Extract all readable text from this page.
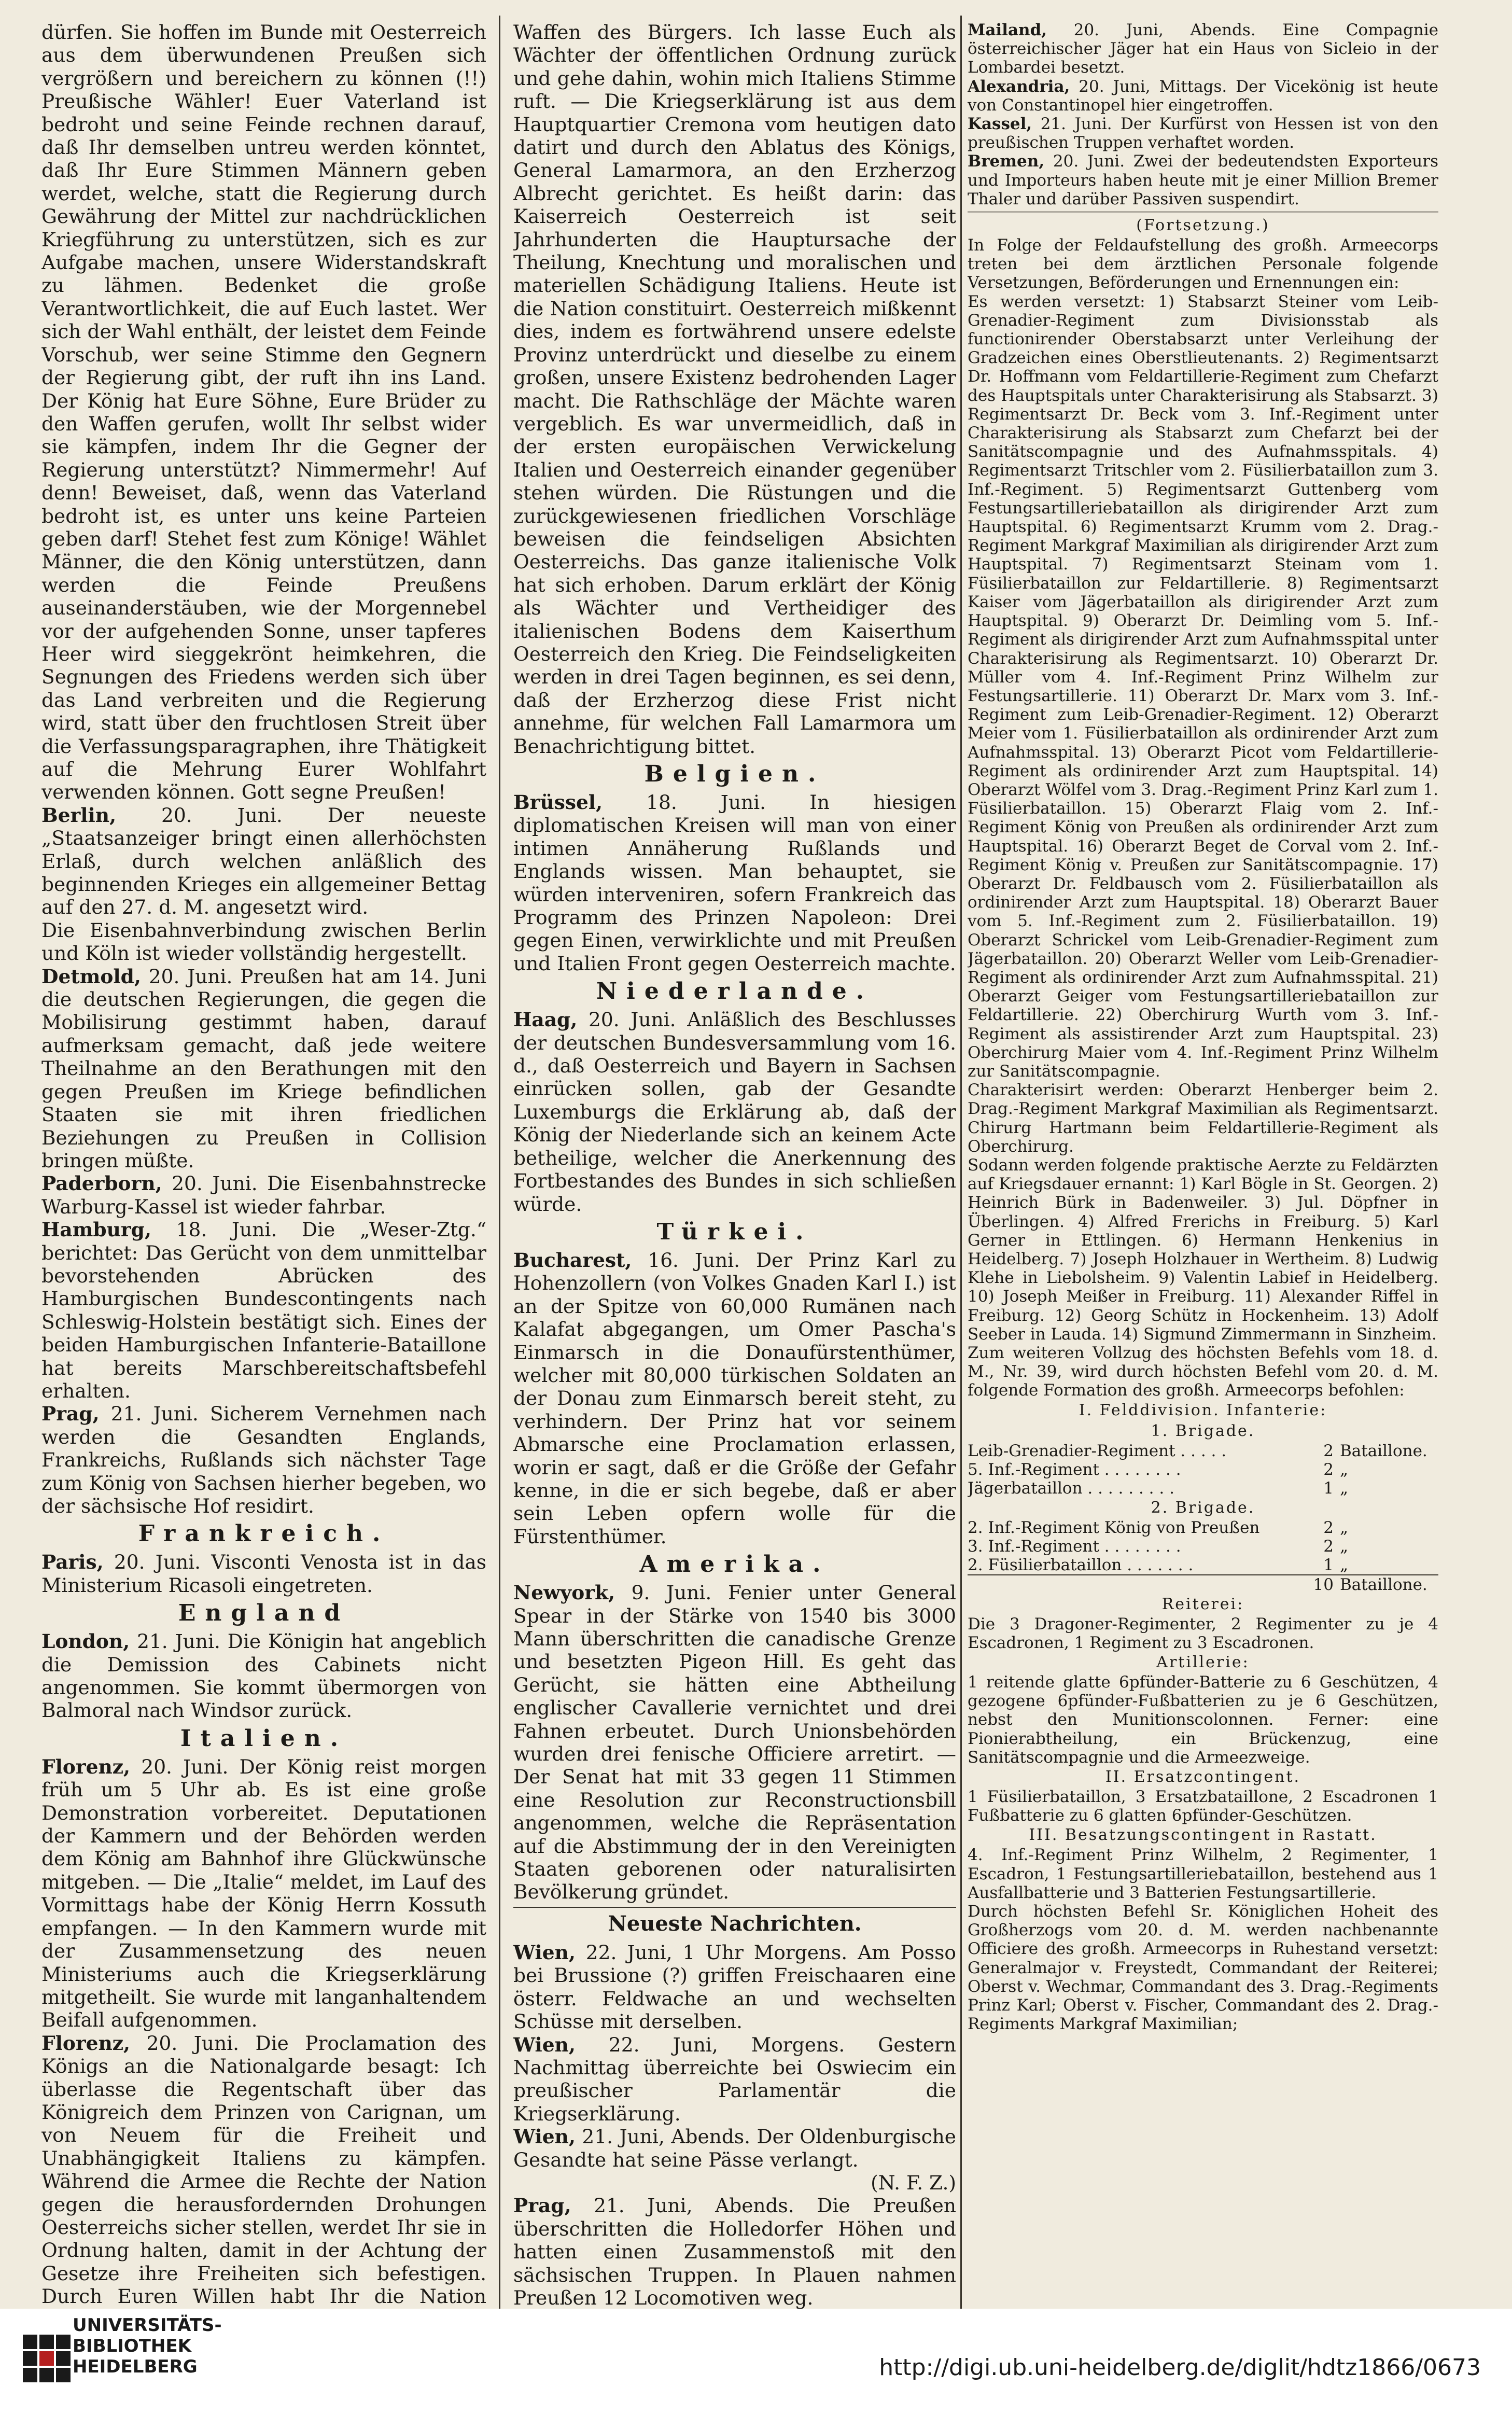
dürfen. Sie hoffen im Bunde mit Oesterreich aus dem überwundenen Preußen sich vergrößern und bereichern zu können (!!) Preußische Wähler! Euer Vaterland ist bedroht und seine Feinde rechnen darauf, daß Ihr demselben untreu werden könntet, daß Ihr Eure Stimmen Männern geben werdet, welche, statt die Regierung durch Gewährung der Mittel zur nachdrücklichen Kriegführung zu unterstützen, sich es zur Aufgabe machen, unsere Widerstandskraft zu lähmen. Bedenket die große Verantwortlichkeit, die auf Euch lastet. Wer sich der Wahl enthält, der leistet dem Feinde Vorschub, wer seine Stimme den Gegnern der Regierung gibt, der ruft ihn ins Land. Der König hat Eure Söhne, Eure Brüder zu den Waffen gerufen, wollt Ihr selbst wider sie kämpfen, indem Ihr die Gegner der Regierung unterstützt? Nimmermehr! Auf denn! Beweiset, daß, wenn das Vaterland bedroht ist, es unter uns keine Parteien geben darf! Stehet fest zum Könige! Wählet Männer, die den König unterstützen, dann werden die Feinde Preußens auseinanderstäuben, wie der Morgennebel vor der aufgehenden Sonne, unser tapferes Heer wird sieggekrönt heimkehren, die Segnungen des Friedens werden sich über das Land verbreiten und die Regierung wird, statt über den fruchtlosen Streit über die Verfassungsparagraphen, ihre Thätigkeit auf die Mehrung Eurer Wohlfahrt verwenden können. Gott segne Preußen!

Berlin, 20. Juni. Der neueste „Staatsanzeiger bringt einen allerhöchsten Erlaß, durch welchen anläßlich des beginnenden Krieges ein allgemeiner Bettag auf den 27. d. M. angesetzt wird.

Die Eisenbahnverbindung zwischen Berlin und Köln ist wieder vollständig hergestellt.

Detmold, 20. Juni. Preußen hat am 14. Juni die deutschen Regierungen, die gegen die Mobilisirung gestimmt haben, darauf aufmerksam gemacht, daß jede weitere Theilnahme an den Berathungen mit den gegen Preußen im Kriege befindlichen Staaten sie mit ihren friedlichen Beziehungen zu Preußen in Collision bringen müßte.

Paderborn, 20. Juni. Die Eisenbahnstrecke Warburg-Kassel ist wieder fahrbar.

Hamburg, 18. Juni. Die „Weser-Ztg.“ berichtet: Das Gerücht von dem unmittelbar bevorstehenden Abrücken des Hamburgischen Bundescontingents nach Schleswig-Holstein bestätigt sich. Eines der beiden Hamburgischen Infanterie-Bataillone hat bereits Marschbereitschaftsbefehl erhalten.

Prag, 21. Juni. Sicherem Vernehmen nach werden die Gesandten Englands, Frankreichs, Rußlands sich nächster Tage zum König von Sachsen hierher begeben, wo der sächsische Hof residirt.

Frankreich.

Paris, 20. Juni. Visconti Venosta ist in das Ministerium Ricasoli eingetreten.

England

London, 21. Juni. Die Königin hat angeblich die Demission des Cabinets nicht angenommen. Sie kommt übermorgen von Balmoral nach Windsor zurück.

Italien.

Florenz, 20. Juni. Der König reist morgen früh um 5 Uhr ab. Es ist eine große Demonstration vorbereitet. Deputationen der Kammern und der Behörden werden dem König am Bahnhof ihre Glückwünsche mitgeben. — Die „Italie“ meldet, im Lauf des Vormittags habe der König Herrn Kossuth empfangen. — In den Kammern wurde mit der Zusammensetzung des neuen Ministeriums auch die Kriegserklärung mitgetheilt. Sie wurde mit langanhaltendem Beifall aufgenommen.

Florenz, 20. Juni. Die Proclamation des Königs an die Nationalgarde besagt: Ich überlasse die Regentschaft über das Königreich dem Prinzen von Carignan, um von Neuem für die Freiheit und Unabhängigkeit Italiens zu kämpfen. Während die Armee die Rechte der Nation gegen die herausfordernden Drohungen Oesterreichs sicher stellen, werdet Ihr sie in Ordnung halten, damit in der Achtung der Gesetze ihre Freiheiten sich befestigen. Durch Euren Willen habt Ihr die Nation

Waffen des Bürgers. Ich lasse Euch als Wächter der öffentlichen Ordnung zurück und gehe dahin, wohin mich Italiens Stimme ruft. — Die Kriegserklärung ist aus dem Hauptquartier Cremona vom heutigen dato datirt und durch den Ablatus des Königs, General Lamarmora, an den Erzherzog Albrecht gerichtet. Es heißt darin: das Kaiserreich Oesterreich ist seit Jahrhunderten die Hauptursache der Theilung, Knechtung und moralischen und materiellen Schädigung Italiens. Heute ist die Nation constituirt. Oesterreich mißkennt dies, indem es fortwährend unsere edelste Provinz unterdrückt und dieselbe zu einem großen, unsere Existenz bedrohenden Lager macht. Die Rathschläge der Mächte waren vergeblich. Es war unvermeidlich, daß in der ersten europäischen Verwickelung Italien und Oesterreich einander gegenüber stehen würden. Die Rüstungen und die zurückgewiesenen friedlichen Vorschläge beweisen die feindseligen Absichten Oesterreichs. Das ganze italienische Volk hat sich erhoben. Darum erklärt der König als Wächter und Vertheidiger des italienischen Bodens dem Kaiserthum Oesterreich den Krieg. Die Feindseligkeiten werden in drei Tagen beginnen, es sei denn, daß der Erzherzog diese Frist nicht annehme, für welchen Fall Lamarmora um Benachrichtigung bittet.

Belgien.

Brüssel, 18. Juni. In hiesigen diplomatischen Kreisen will man von einer intimen Annäherung Rußlands und Englands wissen. Man behauptet, sie würden interveniren, sofern Frankreich das Programm des Prinzen Napoleon: Drei gegen Einen, verwirklichte und mit Preußen und Italien Front gegen Oesterreich machte.

Niederlande.

Haag, 20. Juni. Anläßlich des Beschlusses der deutschen Bundesversammlung vom 16. d., daß Oesterreich und Bayern in Sachsen einrücken sollen, gab der Gesandte Luxemburgs die Erklärung ab, daß der König der Niederlande sich an keinem Acte betheilige, welcher die Anerkennung des Fortbestandes des Bundes in sich schließen würde.

Türkei.

Bucharest, 16. Juni. Der Prinz Karl zu Hohenzollern (von Volkes Gnaden Karl I.) ist an der Spitze von 60,000 Rumänen nach Kalafat abgegangen, um Omer Pascha's Einmarsch in die Donaufürstenthümer, welcher mit 80,000 türkischen Soldaten an der Donau zum Einmarsch bereit steht, zu verhindern. Der Prinz hat vor seinem Abmarsche eine Proclamation erlassen, worin er sagt, daß er die Größe der Gefahr kenne, in die er sich begebe, daß er aber sein Leben opfern wolle für die Fürstenthümer.

Amerika.

Newyork, 9. Juni. Fenier unter General Spear in der Stärke von 1540 bis 3000 Mann überschritten die canadische Grenze und besetzten Pigeon Hill. Es geht das Gerücht, sie hätten eine Abtheilung englischer Cavallerie vernichtet und drei Fahnen erbeutet. Durch Unionsbehörden wurden drei fenische Officiere arretirt. — Der Senat hat mit 33 gegen 11 Stimmen eine Resolution zur Reconstructionsbill angenommen, welche die Repräsentation auf die Abstimmung der in den Vereinigten Staaten geborenen oder naturalisirten Bevölkerung gründet.

Neueste Nachrichten.

Wien, 22. Juni, 1 Uhr Morgens. Am Posso bei Brussione (?) griffen Freischaaren eine österr. Feldwache an und wechselten Schüsse mit derselben.

Wien, 22. Juni, Morgens. Gestern Nachmittag überreichte bei Oswiecim ein preußischer Parlamentär die Kriegserklärung.

Wien, 21. Juni, Abends. Der Oldenburgische Gesandte hat seine Pässe verlangt.

(N. F. Z.)

Prag, 21. Juni, Abends. Die Preußen überschritten die Holledorfer Höhen und hatten einen Zusammenstoß mit den sächsischen Truppen. In Plauen nahmen Preußen 12 Locomotiven weg.

Mailand, 20. Juni, Abends. Eine Compagnie österreichischer Jäger hat ein Haus von Sicleio in der Lombardei besetzt.

Alexandria, 20. Juni, Mittags. Der Vicekönig ist heute von Constantinopel hier eingetroffen.

Kassel, 21. Juni. Der Kurfürst von Hessen ist von den preußischen Truppen verhaftet worden.

Bremen, 20. Juni. Zwei der bedeutendsten Exporteurs und Importeurs haben heute mit je einer Million Bremer Thaler und darüber Passiven suspendirt.

(Fortsetzung.)

In Folge der Feldaufstellung des großh. Armeecorps treten bei dem ärztlichen Personale folgende Versetzungen, Beförderungen und Ernennungen ein:

Es werden versetzt: 1) Stabsarzt Steiner vom Leib-Grenadier-Regiment zum Divisionsstab als functionirender Oberstabsarzt unter Verleihung der Gradzeichen eines Oberstlieutenants. 2) Regimentsarzt Dr. Hoffmann vom Feldartillerie-Regiment zum Chefarzt des Hauptspitals unter Charakterisirung als Stabsarzt. 3) Regimentsarzt Dr. Beck vom 3. Inf.-Regiment unter Charakterisirung als Stabsarzt zum Chefarzt bei der Sanitätscompagnie und des Aufnahmsspitals. 4) Regimentsarzt Tritschler vom 2. Füsilierbataillon zum 3. Inf.-Regiment. 5) Regimentsarzt Guttenberg vom Festungsartilleriebataillon als dirigirender Arzt zum Hauptspital. 6) Regimentsarzt Krumm vom 2. Drag.-Regiment Markgraf Maximilian als dirigirender Arzt zum Hauptspital. 7) Regimentsarzt Steinam vom 1. Füsilierbataillon zur Feldartillerie. 8) Regimentsarzt Kaiser vom Jägerbataillon als dirigirender Arzt zum Hauptspital. 9) Oberarzt Dr. Deimling vom 5. Inf.-Regiment als dirigirender Arzt zum Aufnahmsspital unter Charakterisirung als Regimentsarzt. 10) Oberarzt Dr. Müller vom 4. Inf.-Regiment Prinz Wilhelm zur Festungsartillerie. 11) Oberarzt Dr. Marx vom 3. Inf.-Regiment zum Leib-Grenadier-Regiment. 12) Oberarzt Meier vom 1. Füsilierbataillon als ordinirender Arzt zum Aufnahmsspital. 13) Oberarzt Picot vom Feldartillerie-Regiment als ordinirender Arzt zum Hauptspital. 14) Oberarzt Wölfel vom 3. Drag.-Regiment Prinz Karl zum 1. Füsilierbataillon. 15) Oberarzt Flaig vom 2. Inf.-Regiment König von Preußen als ordinirender Arzt zum Hauptspital. 16) Oberarzt Beget de Corval vom 2. Inf.-Regiment König v. Preußen zur Sanitätscompagnie. 17) Oberarzt Dr. Feldbausch vom 2. Füsilierbataillon als ordinirender Arzt zum Hauptspital. 18) Oberarzt Bauer vom 5. Inf.-Regiment zum 2. Füsilierbataillon. 19) Oberarzt Schrickel vom Leib-Grenadier-Regiment zum Jägerbataillon. 20) Oberarzt Weller vom Leib-Grenadier-Regiment als ordinirender Arzt zum Aufnahmsspital. 21) Oberarzt Geiger vom Festungsartilleriebataillon zur Feldartillerie. 22) Oberchirurg Wurth vom 3. Inf.-Regiment als assistirender Arzt zum Hauptspital. 23) Oberchirurg Maier vom 4. Inf.-Regiment Prinz Wilhelm zur Sanitätscompagnie.

Charakterisirt werden: Oberarzt Henberger beim 2. Drag.-Regiment Markgraf Maximilian als Regimentsarzt. Chirurg Hartmann beim Feldartillerie-Regiment als Oberchirurg.

Sodann werden folgende praktische Aerzte zu Feldärzten auf Kriegsdauer ernannt: 1) Karl Bögle in St. Georgen. 2) Heinrich Bürk in Badenweiler. 3) Jul. Döpfner in Überlingen. 4) Alfred Frerichs in Freiburg. 5) Karl Gerner in Ettlingen. 6) Hermann Henkenius in Heidelberg. 7) Joseph Holzhauer in Wertheim. 8) Ludwig Klehe in Liebolsheim. 9) Valentin Labief in Heidelberg. 10) Joseph Meißer in Freiburg. 11) Alexander Riffel in Freiburg. 12) Georg Schütz in Hockenheim. 13) Adolf Seeber in Lauda. 14) Sigmund Zimmermann in Sinzheim.

Zum weiteren Vollzug des höchsten Befehls vom 18. d. M., Nr. 39, wird durch höchsten Befehl vom 20. d. M. folgende Formation des großh. Armeecorps befohlen:

I. Felddivision. Infanterie:
1. Brigade.
Leib-Grenadier-Regiment . . . . .	2	Bataillone.
5. Inf.-Regiment . . . . . . . .	2	„
Jägerbataillon . . . . . . . . .	1	„
2. Brigade.
2. Inf.-Regiment König von Preußen	2	„
3. Inf.-Regiment . . . . . . . .	2	„
2. Füsilierbataillon . . . . . . .	1	„
	10	Bataillone.
Reiterei:

Die 3 Dragoner-Regimenter, 2 Regimenter zu je 4 Escadronen, 1 Regiment zu 3 Escadronen.

Artillerie:

1 reitende glatte 6pfünder-Batterie zu 6 Geschützen, 4 gezogene 6pfünder-Fußbatterien zu je 6 Geschützen, nebst den Munitionscolonnen. Ferner: eine Pionierabtheilung, ein Brückenzug, eine Sanitätscompagnie und die Armeezweige.

II. Ersatzcontingent.

1 Füsilierbataillon, 3 Ersatzbataillone, 2 Escadronen 1 Fußbatterie zu 6 glatten 6pfünder-Geschützen.

III. Besatzungscontingent in Rastatt.

4. Inf.-Regiment Prinz Wilhelm, 2 Regimenter, 1 Escadron, 1 Festungsartilleriebataillon, bestehend aus 1 Ausfallbatterie und 3 Batterien Festungsartillerie.

Durch höchsten Befehl Sr. Königlichen Hoheit des Großherzogs vom 20. d. M. werden nachbenannte Officiere des großh. Armeecorps in Ruhestand versetzt: Generalmajor v. Freystedt, Commandant der Reiterei; Oberst v. Wechmar, Commandant des 3. Drag.-Regiments Prinz Karl; Oberst v. Fischer, Commandant des 2. Drag.-Regiments Markgraf Maximilian;

UNIVERSITÄTS-
BIBLIOTHEK
HEIDELBERG	http://digi.ub.uni-heidelberg.de/diglit/hdtz1866/0673
